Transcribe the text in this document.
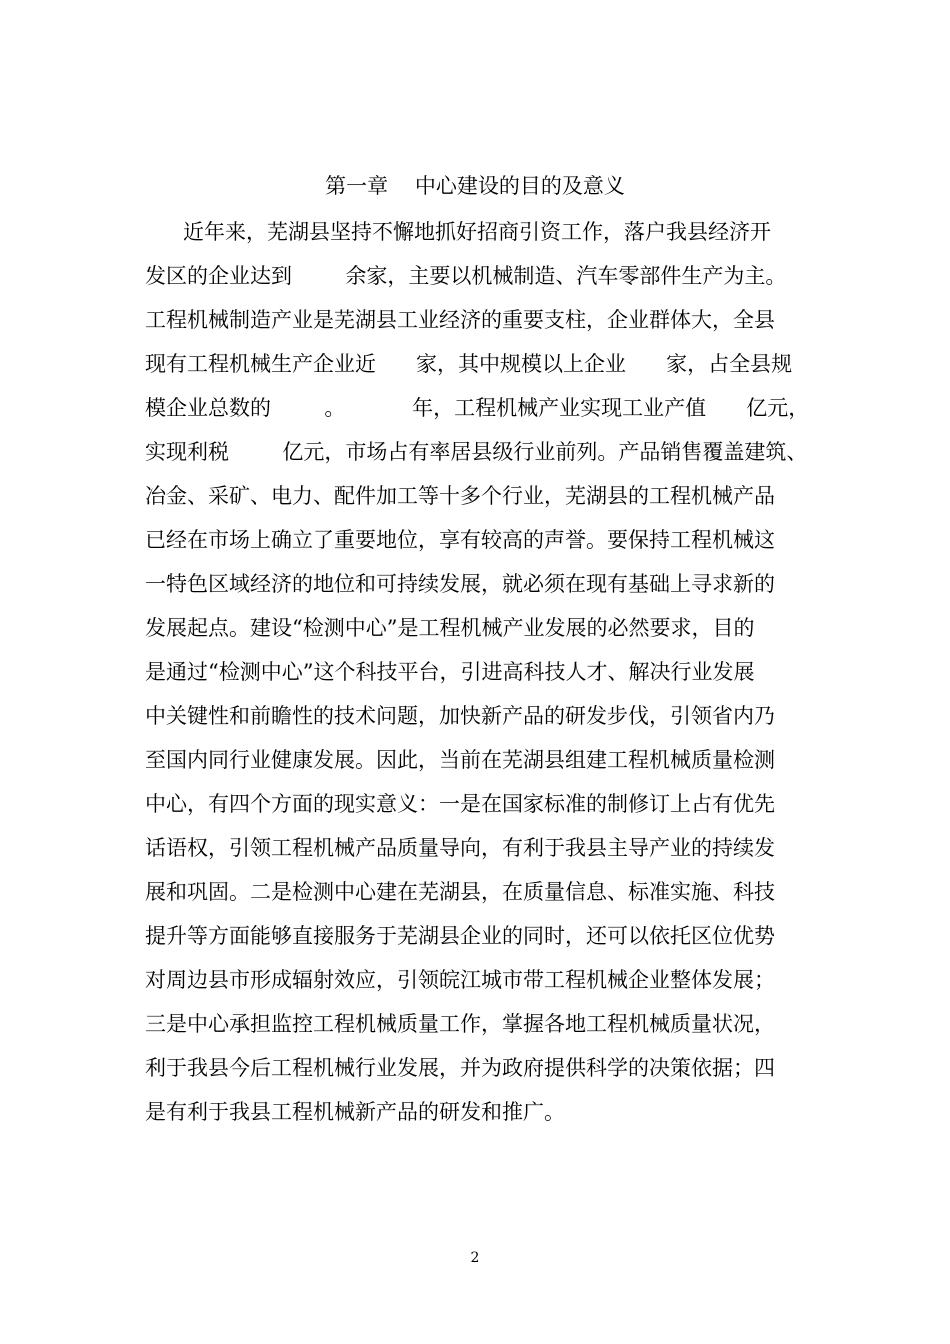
第一章    中心建设的目的及意义
近年来，芜湖县坚持不懈地抓好招商引资工作，落户我县经济开
发区的企业达到        余家，主要以机械制造、汽车零部件生产为主。
工程机械制造产业是芜湖县工业经济的重要支柱，企业群体大，全县
现有工程机械生产企业近      家，其中规模以上企业      家，占全县规
模企业总数的        。          年，工程机械产业实现工业产值      亿元，
实现利税        亿元，市场占有率居县级行业前列。产品销售覆盖建筑、
冶金、采矿、电力、配件加工等十多个行业，芜湖县的工程机械产品
已经在市场上确立了重要地位，享有较高的声誉。要保持工程机械这
一特色区域经济的地位和可持续发展，就必须在现有基础上寻求新的
发展起点。建设“检测中心”是工程机械产业发展的必然要求，目的
是通过“检测中心”这个科技平台，引进高科技人才、解决行业发展
中关键性和前瞻性的技术问题，加快新产品的研发步伐，引领省内乃
至国内同行业健康发展。因此，当前在芜湖县组建工程机械质量检测
中心，有四个方面的现实意义：一是在国家标准的制修订上占有优先
话语权，引领工程机械产品质量导向，有利于我县主导产业的持续发
展和巩固。二是检测中心建在芜湖县，在质量信息、标准实施、科技
提升等方面能够直接服务于芜湖县企业的同时，还可以依托区位优势
对周边县市形成辐射效应，引领皖江城市带工程机械企业整体发展；
三是中心承担监控工程机械质量工作，掌握各地工程机械质量状况，
利于我县今后工程机械行业发展，并为政府提供科学的决策依据；四
是有利于我县工程机械新产品的研发和推广。
2
